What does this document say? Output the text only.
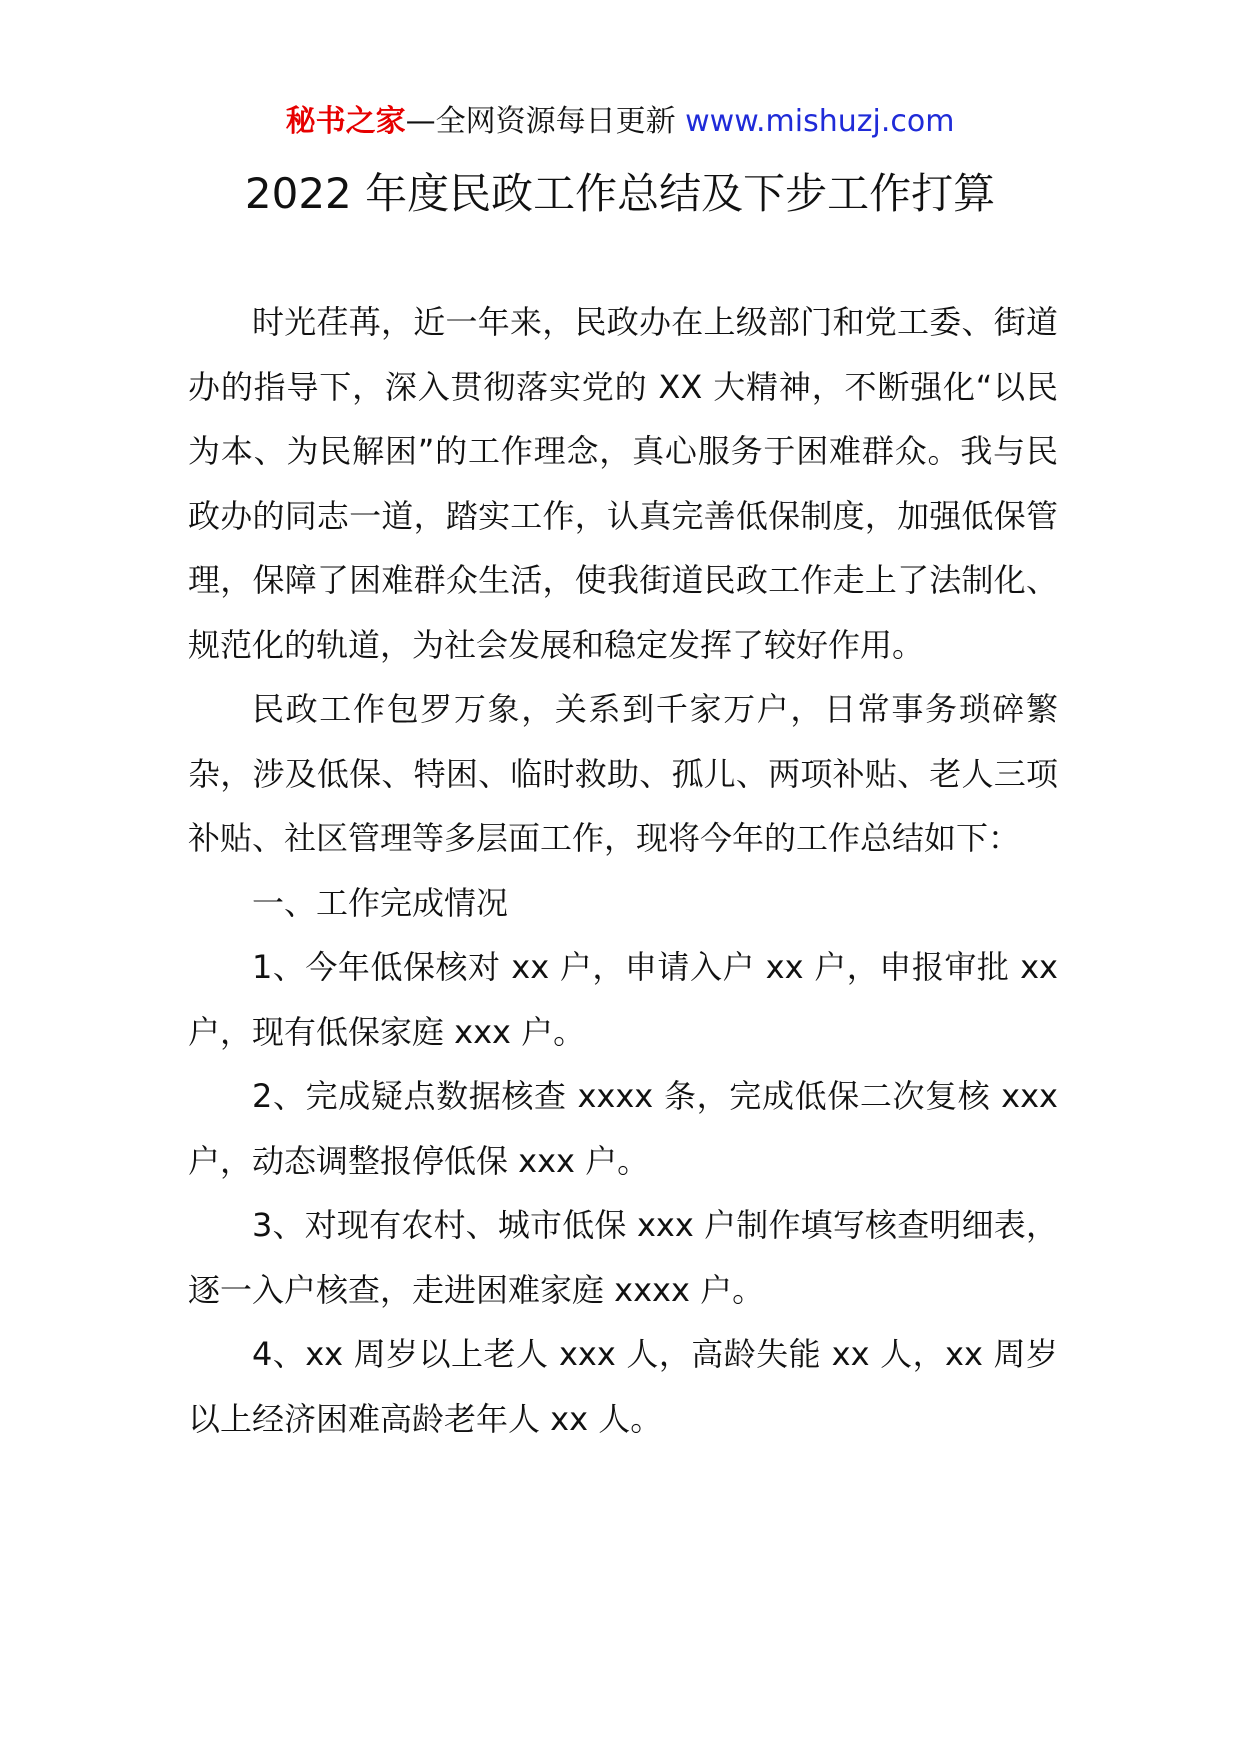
秘书之家—全网资源每日更新 www.mishuzj.com
2022 年度民政工作总结及下步工作打算

时光荏苒，近一年来，民政办在上级部门和党工委、街道办的指导下，深入贯彻落实党的 XX 大精神，不断强化“以民为本、为民解困”的工作理念，真心服务于困难群众。我与民政办的同志一道，踏实工作，认真完善低保制度，加强低保管理，保障了困难群众生活，使我街道民政工作走上了法制化、规范化的轨道，为社会发展和稳定发挥了较好作用。

民政工作包罗万象，关系到千家万户，日常事务琐碎繁杂，涉及低保、特困、临时救助、孤儿、两项补贴、老人三项补贴、社区管理等多层面工作，现将今年的工作总结如下：

一、工作完成情况

1、今年低保核对 xx 户，申请入户 xx 户，申报审批 xx 户，现有低保家庭 xxx 户。

2、完成疑点数据核查 xxxx 条，完成低保二次复核 xxx 户，动态调整报停低保 xxx 户。

3、对现有农村、城市低保 xxx 户制作填写核查明细表，逐一入户核查，走进困难家庭 xxxx 户。

4、xx 周岁以上老人 xxx 人，高龄失能 xx 人，xx 周岁以上经济困难高龄老年人 xx 人。
